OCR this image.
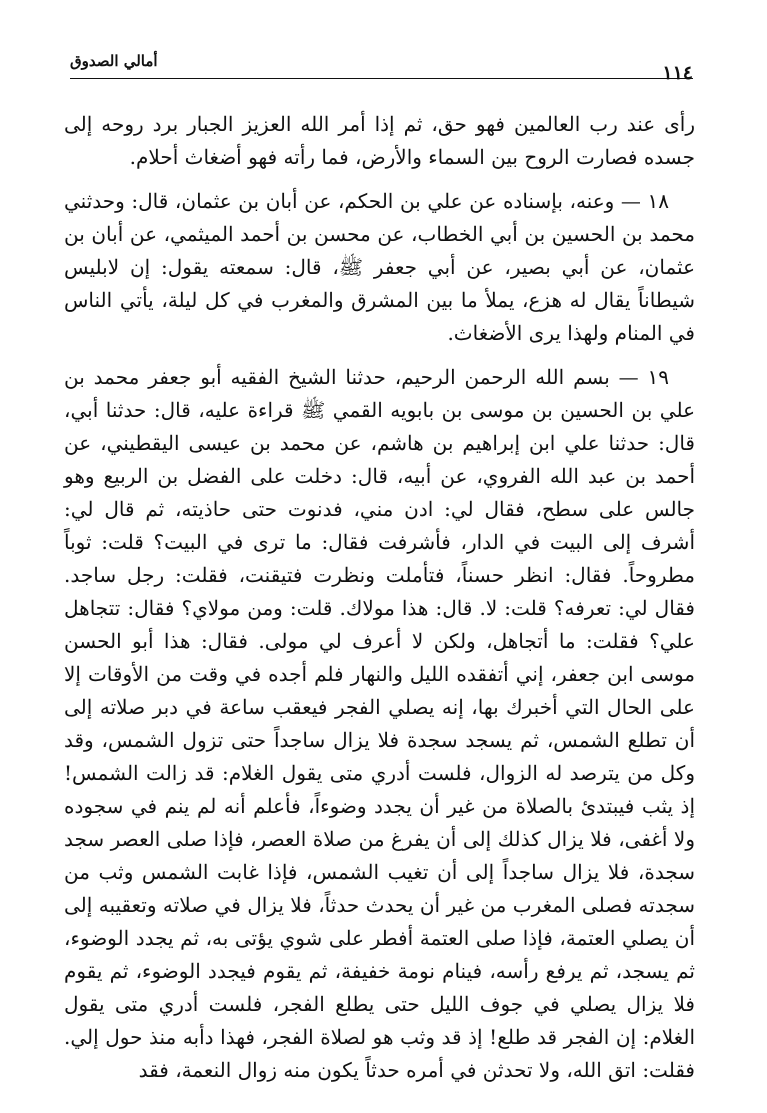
أمالي الصدوق
١١٤

رأى عند رب العالمين فهو حق، ثم إذا أمر الله العزيز الجبار برد روحه إلى جسده فصارت الروح بين السماء والأرض، فما رأته فهو أضغاث أحلام.

١٨ — وعنه، بإسناده عن علي بن الحكم، عن أبان بن عثمان، قال: وحدثني محمد بن الحسين بن أبي الخطاب، عن محسن بن أحمد الميثمي، عن أبان بن عثمان، عن أبي بصير، عن أبي جعفر ﷺ، قال: سمعته يقول: إن لابليس شيطاناً يقال له هزع، يملأ ما بين المشرق والمغرب في كل ليلة، يأتي الناس في المنام ولهذا يرى الأضغاث.

١٩ — بسم الله الرحمن الرحيم، حدثنا الشيخ الفقيه أبو جعفر محمد بن علي بن الحسين بن موسى بن بابويه القمي ﷺ قراءة عليه، قال: حدثنا أبي، قال: حدثنا علي ابن إبراهيم بن هاشم، عن محمد بن عيسى اليقطيني، عن أحمد بن عبد الله الفروي، عن أبيه، قال: دخلت على الفضل بن الربيع وهو جالس على سطح، فقال لي: ادن مني، فدنوت حتى حاذيته، ثم قال لي: أشرف إلى البيت في الدار، فأشرفت فقال: ما ترى في البيت؟ قلت: ثوباً مطروحاً. فقال: انظر حسناً، فتأملت ونظرت فتيقنت، فقلت: رجل ساجد. فقال لي: تعرفه؟ قلت: لا. قال: هذا مولاك. قلت: ومن مولاي؟ فقال: تتجاهل علي؟ فقلت: ما أتجاهل، ولكن لا أعرف لي مولى. فقال: هذا أبو الحسن موسى ابن جعفر، إني أتفقده الليل والنهار فلم أجده في وقت من الأوقات إلا على الحال التي أخبرك بها، إنه يصلي الفجر فيعقب ساعة في دبر صلاته إلى أن تطلع الشمس، ثم يسجد سجدة فلا يزال ساجداً حتى تزول الشمس، وقد وكل من يترصد له الزوال، فلست أدري متى يقول الغلام: قد زالت الشمس! إذ يثب فيبتدئ بالصلاة من غير أن يجدد وضوءاً، فأعلم أنه لم ينم في سجوده ولا أغفى، فلا يزال كذلك إلى أن يفرغ من صلاة العصر، فإذا صلى العصر سجد سجدة، فلا يزال ساجداً إلى أن تغيب الشمس، فإذا غابت الشمس وثب من سجدته فصلى المغرب من غير أن يحدث حدثاً، فلا يزال في صلاته وتعقيبه إلى أن يصلي العتمة، فإذا صلى العتمة أفطر على شوي يؤتى به، ثم يجدد الوضوء، ثم يسجد، ثم يرفع رأسه، فينام نومة خفيفة، ثم يقوم فيجدد الوضوء، ثم يقوم فلا يزال يصلي في جوف الليل حتى يطلع الفجر، فلست أدري متى يقول الغلام: إن الفجر قد طلع! إذ قد وثب هو لصلاة الفجر، فهذا دأبه منذ حول إلي. فقلت: اتق الله، ولا تحدثن في أمره حدثاً يكون منه زوال النعمة، فقد
